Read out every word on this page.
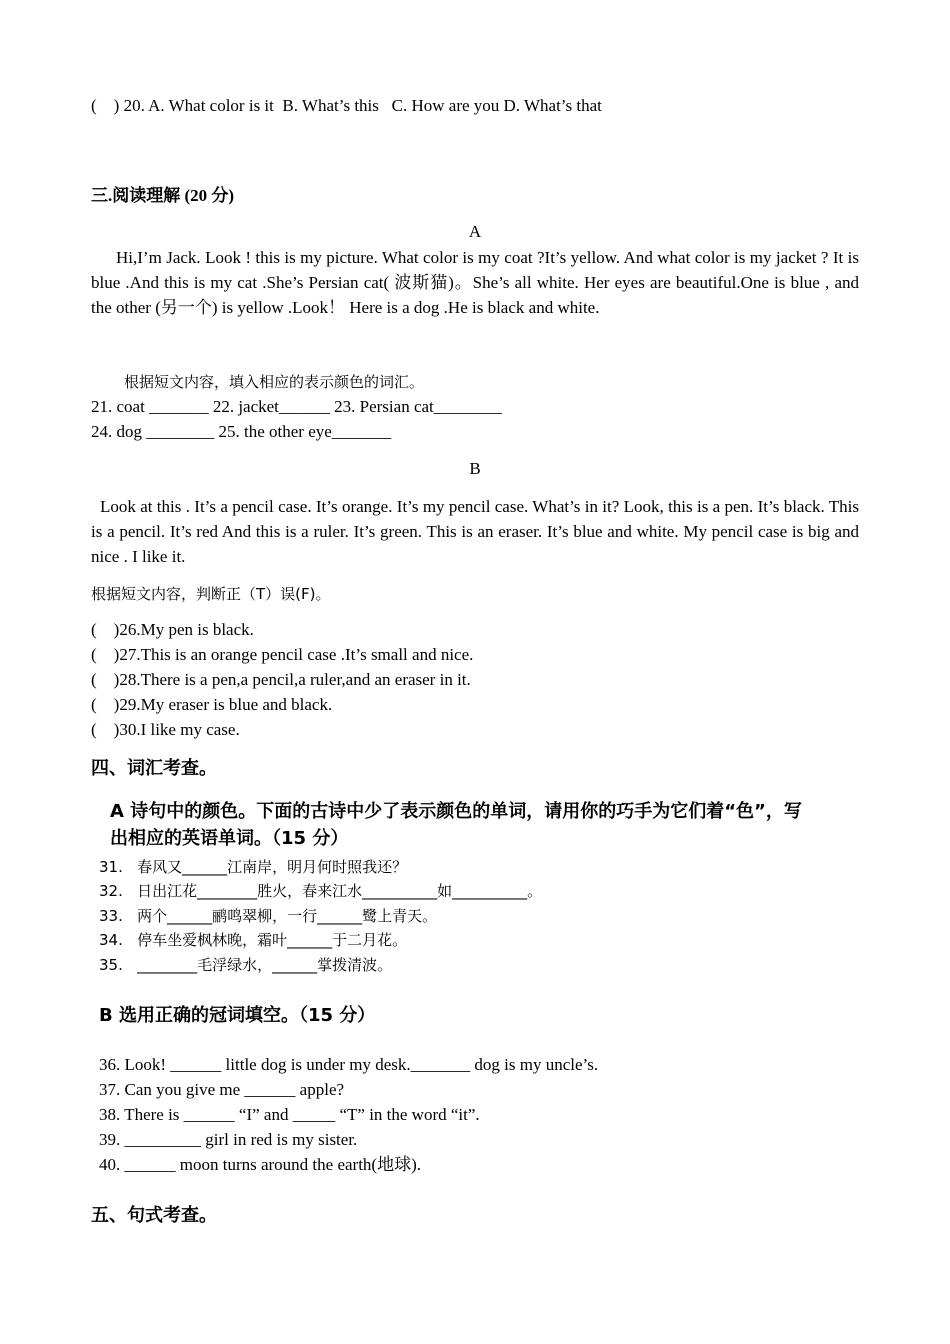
(    ) 20. A. What color is it  B. What’s this   C. How are you D. What’s that
三.阅读理解 (20 分)
A
Hi,I’m Jack. Look ! this is my picture. What color is my coat ?It’s yellow. And what color is my jacket ? It is blue .And this is my cat .She’s Persian cat( 波斯猫)。She’s all white. Her eyes are beautiful.One is blue , and the other (另一个) is yellow .Look！ Here is a dog .He is black and white.
根据短文内容，填入相应的表示颜色的词汇。
21. coat _______ 22. jacket______ 23. Persian cat________
24. dog ________ 25. the other eye_______
B
Look at this . It’s a pencil case. It’s orange. It’s my pencil case. What’s in it? Look, this is a pen. It’s black. This is a pencil. It’s red And this is a ruler. It’s green. This is an eraser. It’s blue and white. My pencil case is big and nice . I like it.
根据短文内容，判断正（T）误(F)。
(    )26.My pen is black.
(    )27.This is an orange pencil case .It’s small and nice.
(    )28.There is a pen,a pencil,a ruler,and an eraser in it.
(    )29.My eraser is blue and black.
(    )30.I like my case.
四、词汇考查。
A 诗句中的颜色。下面的古诗中少了表示颜色的单词，请用你的巧手为它们着“色”，写
出相应的英语单词。（15 分）
31.   春风又______江南岸，明月何时照我还？
32.   日出江花________胜火，春来江水__________如__________。
33.   两个______鹂鸣翠柳，一行______鹭上青天。
34.   停车坐爱枫林晚，霜叶______于二月花。
35.   ________毛浮绿水，______掌拨清波。
B 选用正确的冠词填空。（15 分）
36. Look! ______ little dog is under my desk._______ dog is my uncle’s.
37. Can you give me ______ apple?
38. There is ______ “I” and _____ “T” in the word “it”.
39. _________ girl in red is my sister.
40. ______ moon turns around the earth(地球).
五、句式考查。
